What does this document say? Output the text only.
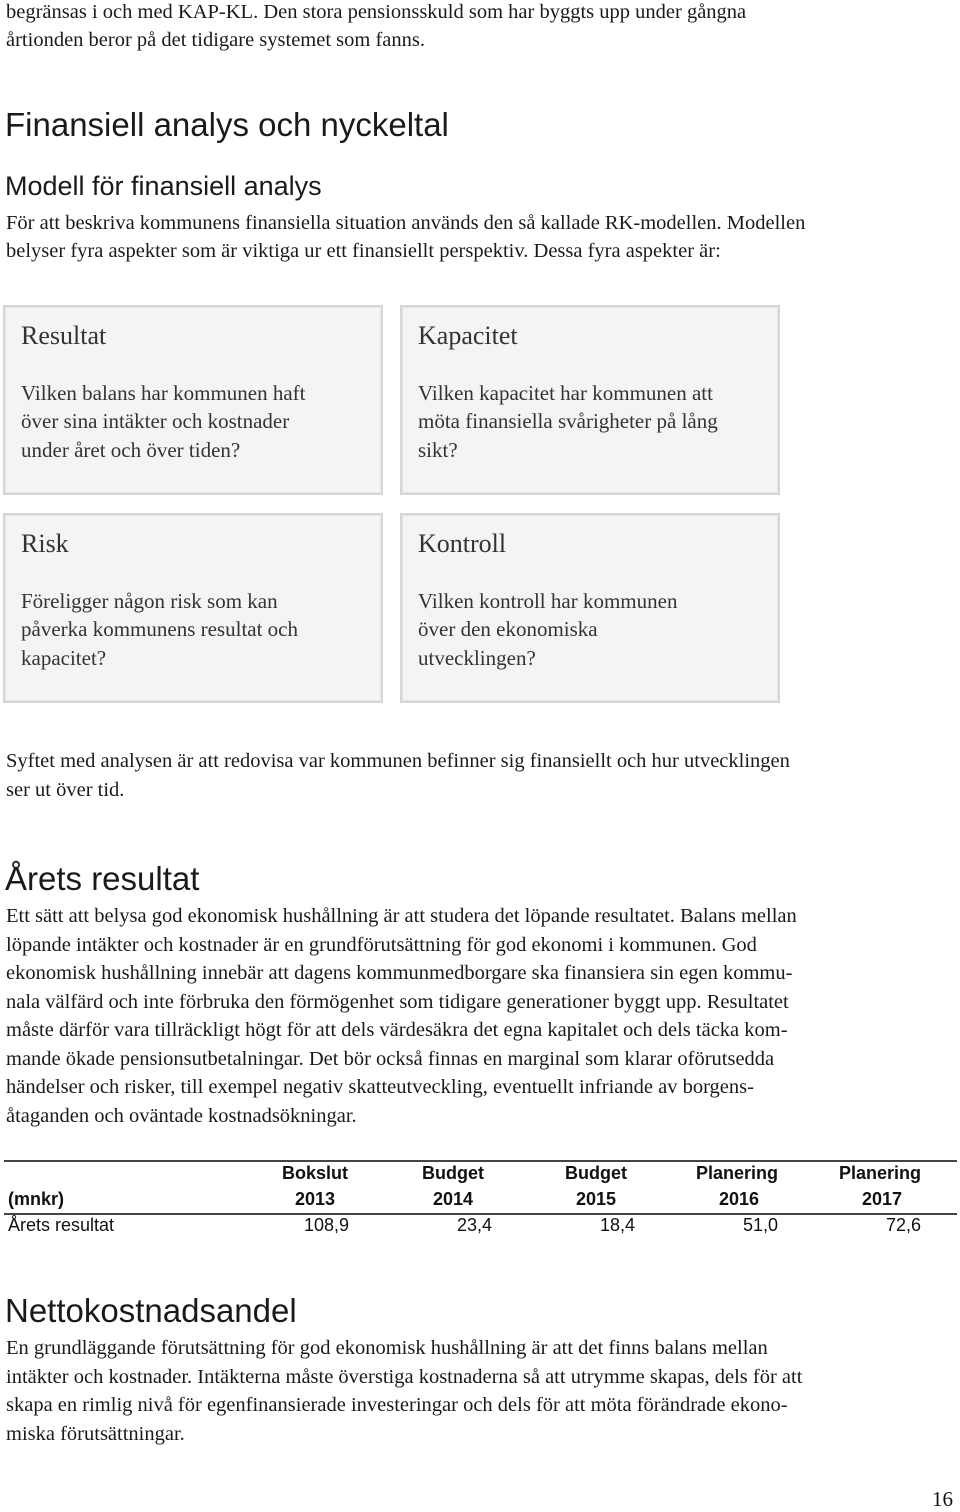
begränsas i och med KAP-KL. Den stora pensionsskuld som har byggts upp under gångna
årtionden beror på det tidigare systemet som fanns.
Finansiell analys och nyckeltal
Modell för finansiell analys
För att beskriva kommunens finansiella situation används den så kallade RK-modellen. Modellen
belyser fyra aspekter som är viktiga ur ett finansiellt perspektiv. Dessa fyra aspekter är:
Resultat
Vilken balans har kommunen haft
över sina intäkter och kostnader
under året och över tiden?
Kapacitet
Vilken kapacitet har kommunen att
möta finansiella svårigheter på lång
sikt?
Risk
Föreligger någon risk som kan
påverka kommunens resultat och
kapacitet?
Kontroll
Vilken kontroll har kommunen
över den ekonomiska
utvecklingen?
Syftet med analysen är att redovisa var kommunen befinner sig finansiellt och hur utvecklingen
ser ut över tid.
Årets resultat
Ett sätt att belysa god ekonomisk hushållning är att studera det löpande resultatet. Balans mellan
löpande intäkter och kostnader är en grundförutsättning för god ekonomi i kommunen. God
ekonomisk hushållning innebär att dagens kommunmedborgare ska finansiera sin egen kommu-
nala välfärd och inte förbruka den förmögenhet som tidigare generationer byggt upp. Resultatet
måste därför vara tillräckligt högt för att dels värdesäkra det egna kapitalet och dels täcka kom-
mande ökade pensionsutbetalningar. Det bör också finnas en marginal som klarar oförutsedda
händelser och risker, till exempel negativ skatteutveckling, eventuellt infriande av borgens-
åtaganden och oväntade kostnadsökningar.
	Bokslut	Budget	Budget	Planering	Planering
(mnkr)	2013	2014	2015	2016	2017
Årets resultat	108,9	23,4	18,4	51,0	72,6
Nettokostnadsandel
En grundläggande förutsättning för god ekonomisk hushållning är att det finns balans mellan
intäkter och kostnader. Intäkterna måste överstiga kostnaderna så att utrymme skapas, dels för att
skapa en rimlig nivå för egenfinansierade investeringar och dels för att möta förändrade ekono-
miska förutsättningar.
16
